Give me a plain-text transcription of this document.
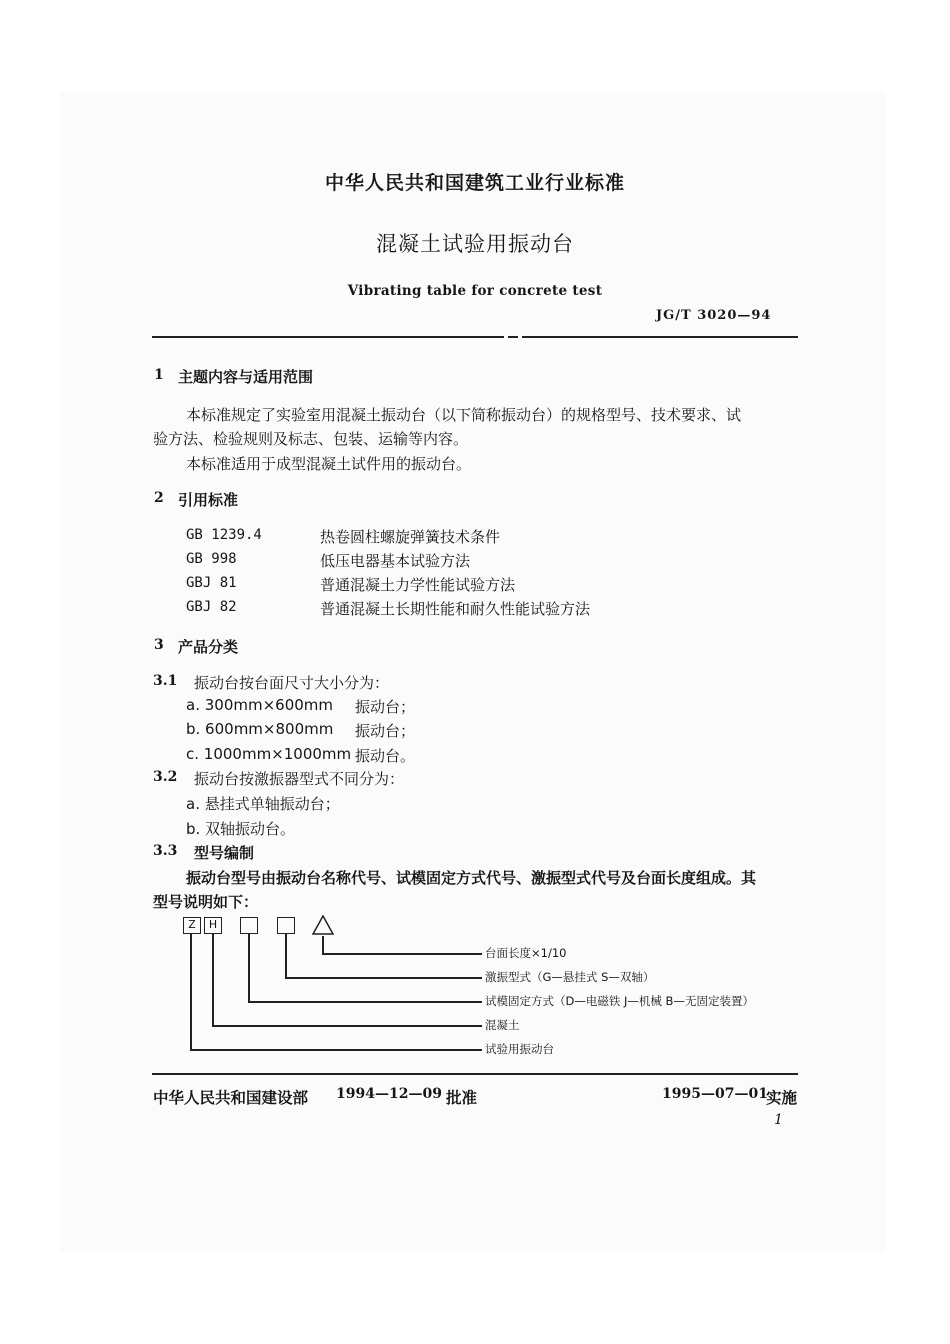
中华人民共和国建筑工业行业标准
混凝土试验用振动台
Vibrating table for concrete test
JG/T 3020—94
1 主题内容与适用范围
本标准规定了实验室用混凝土振动台（以下简称振动台）的规格型号、技术要求、试
验方法、检验规则及标志、包装、运输等内容。
本标准适用于成型混凝土试件用的振动台。
2 引用标准
GB 1239.4	热卷圆柱螺旋弹簧技术条件
GB 998	低压电器基本试验方法
GBJ 81	普通混凝土力学性能试验方法
GBJ 82	普通混凝土长期性能和耐久性能试验方法
3 产品分类
3.1 振动台按台面尺寸大小分为：
a. 300mm×600mm 振动台；
b. 600mm×800mm 振动台；
c. 1000mm×1000mm 振动台。
3.2 振动台按激振器型式不同分为：
a. 悬挂式单轴振动台；
b. 双轴振动台。
3.3 型号编制
振动台型号由振动台名称代号、试模固定方式代号、激振型式代号及台面长度组成。其
型号说明如下：
Z	H
台面长度×1/10
激振型式（G—悬挂式 S—双轴）
试模固定方式（D—电磁铁 J—机械 B—无固定装置）
混凝土
试验用振动台
中华人民共和国建设部 1994—12—09 批准	1995—07—01
实施
1
